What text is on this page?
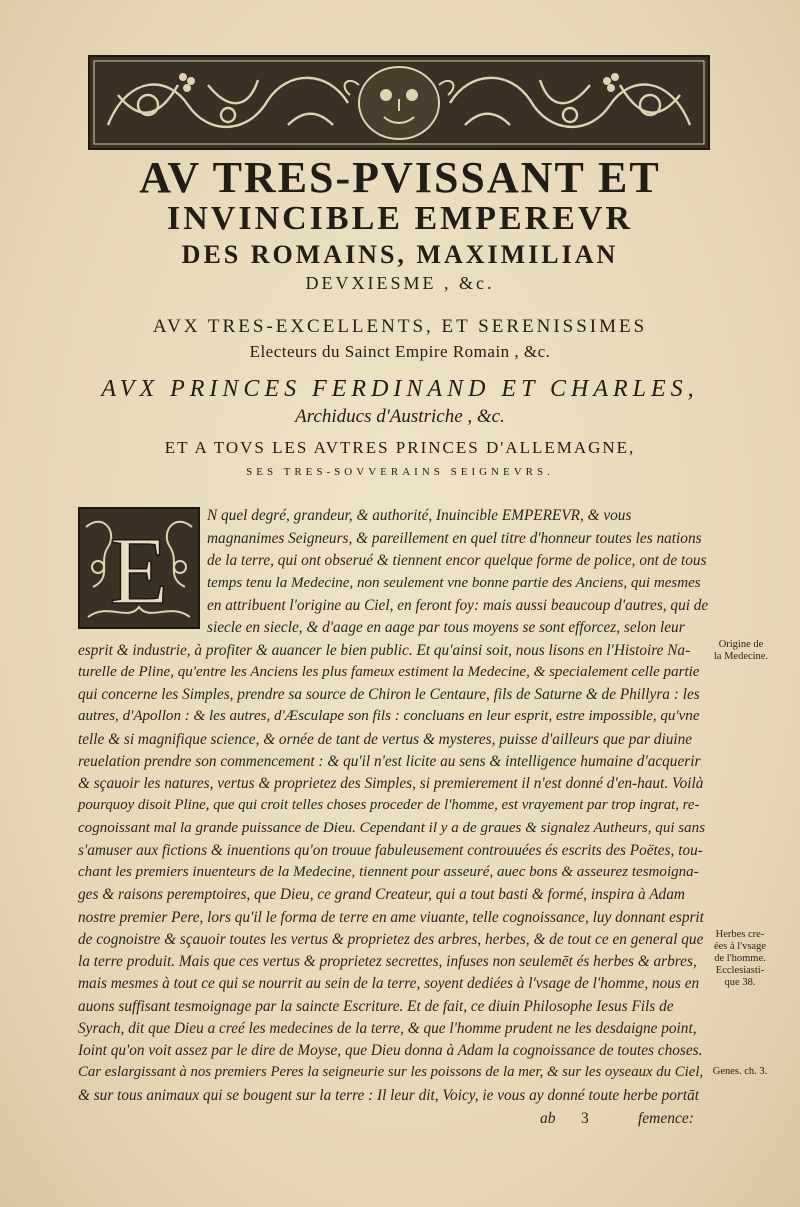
AV TRES-PVISSANT ET
INVINCIBLE EMPEREVR
DES ROMAINS, MAXIMILIAN

DEVXIESME , &c.

AVX TRES-EXCELLENTS, ET SERENISSIMES

Electeurs du Sainct Empire Romain , &c.

AVX PRINCES FERDINAND ET CHARLES,

Archiducs d'Austriche , &c.

ET A TOVS LES AVTRES PRINCES D'ALLEMAGNE,

SES TRES-SOVVERAINS SEIGNEVRS.

E

N quel degré, grandeur, & authorité, Inuincible EMPEREVR, & vous

magnanimes Seigneurs, & pareillement en quel titre d'honneur toutes les nations

de la terre, qui ont obserué & tiennent encor quelque forme de police, ont de tous

temps tenu la Medecine, non seulement vne bonne partie des Anciens, qui mesmes

en attribuent l'origine au Ciel, en feront foy: mais aussi beaucoup d'autres, qui de

siecle en siecle, & d'aage en aage par tous moyens se sont efforcez, selon leur

esprit & industrie, à profiter & auancer le bien public. Et qu'ainsi soit, nous lisons en l'Histoire Na-

turelle de Pline, qu'entre les Anciens les plus fameux estiment la Medecine, & specialement celle partie

qui concerne les Simples, prendre sa source de Chiron le Centaure, fils de Saturne & de Phillyra : les

autres, d'Apollon : & les autres, d'Æsculape son fils : concluans en leur esprit, estre impossible, qu'vne

telle & si magnifique science, & ornée de tant de vertus & mysteres, puisse d'ailleurs que par diuine

reuelation prendre son commencement : & qu'il n'est licite au sens & intelligence humaine d'acquerir

& sçauoir les natures, vertus & proprietez des Simples, si premierement il n'est donné d'en-haut. Voilà

pourquoy disoit Pline, que qui croit telles choses proceder de l'homme, est vrayement par trop ingrat, re-

cognoissant mal la grande puissance de Dieu. Cependant il y a de graues & signalez Autheurs, qui sans

s'amuser aux fictions & inuentions qu'on trouue fabuleusement controuuées és escrits des Poëtes, tou-

chant les premiers inuenteurs de la Medecine, tiennent pour asseuré, auec bons & asseurez tesmoigna-

ges & raisons peremptoires, que Dieu, ce grand Createur, qui a tout basti & formé, inspira à Adam

nostre premier Pere, lors qu'il le forma de terre en ame viuante, telle cognoissance, luy donnant esprit

de cognoistre & sçauoir toutes les vertus & proprietez des arbres, herbes, & de tout ce en general que

la terre produit. Mais que ces vertus & proprietez secrettes, infuses non seulemēt és herbes & arbres,

mais mesmes à tout ce qui se nourrit au sein de la terre, soyent dediées à l'vsage de l'homme, nous en

auons suffisant tesmoignage par la saincte Escriture. Et de fait, ce diuin Philosophe Iesus Fils de

Syrach, dit que Dieu a creé les medecines de la terre, & que l'homme prudent ne les desdaigne point,

Ioint qu'on voit assez par le dire de Moyse, que Dieu donna à Adam la cognoissance de toutes choses.

Car eslargissant à nos premiers Peres la seigneurie sur les poissons de la mer, & sur les oyseaux du Ciel,

& sur tous animaux qui se bougent sur la terre : Il leur dit, Voicy, ie vous ay donné toute herbe portāt

Origine de
la Medecine.
Herbes cre-
ées à l'vsage
de l'homme.
Ecclesiasti-
que 38.
Genes. ch. 3.

ab 3	femence:
